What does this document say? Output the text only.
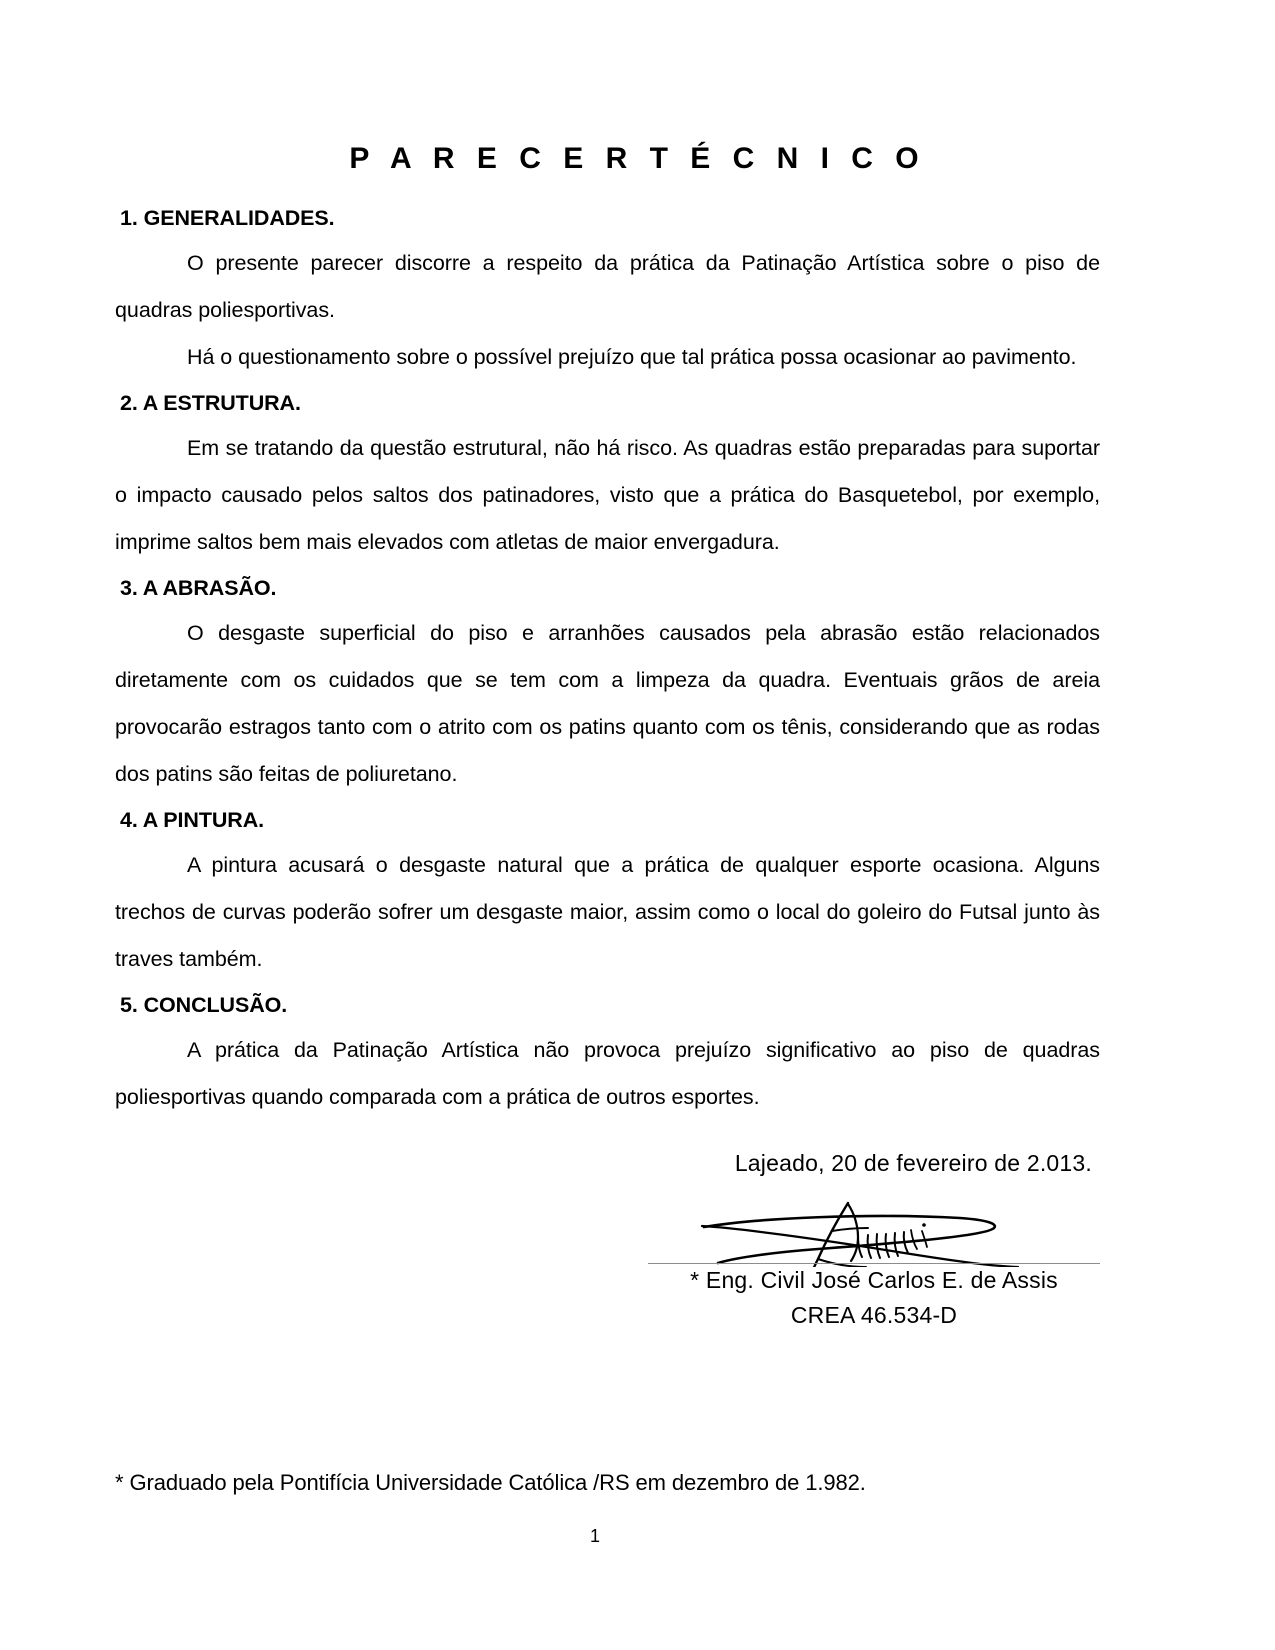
P A R E C E R T É C N I C O
1. GENERALIDADES.

O presente parecer discorre a respeito da prática da Patinação Artística sobre o piso de quadras poliesportivas.

Há o questionamento sobre o possível prejuízo que tal prática possa ocasionar ao pavimento.

2. A ESTRUTURA.

Em se tratando da questão estrutural, não há risco. As quadras estão preparadas para suportar o impacto causado pelos saltos dos patinadores, visto que a prática do Basquetebol, por exemplo, imprime saltos bem mais elevados com atletas de maior envergadura.

3. A ABRASÃO.

O desgaste superficial do piso e arranhões causados pela abrasão estão relacionados diretamente com os cuidados que se tem com a limpeza da quadra. Eventuais grãos de areia provocarão estragos tanto com o atrito com os patins quanto com os tênis, considerando que as rodas dos patins são feitas de poliuretano.

4. A PINTURA.

A pintura acusará o desgaste natural que a prática de qualquer esporte ocasiona. Alguns trechos de curvas poderão sofrer um desgaste maior, assim como o local do goleiro do Futsal junto às traves também.

5. CONCLUSÃO.

A prática da Patinação Artística não provoca prejuízo significativo ao piso de quadras poliesportivas quando comparada com a prática de outros esportes.

Lajeado, 20 de fevereiro de 2.013.
* Eng. Civil José Carlos E. de Assis
CREA 46.534-D
* Graduado pela Pontifícia Universidade Católica /RS em dezembro de 1.982.
1
